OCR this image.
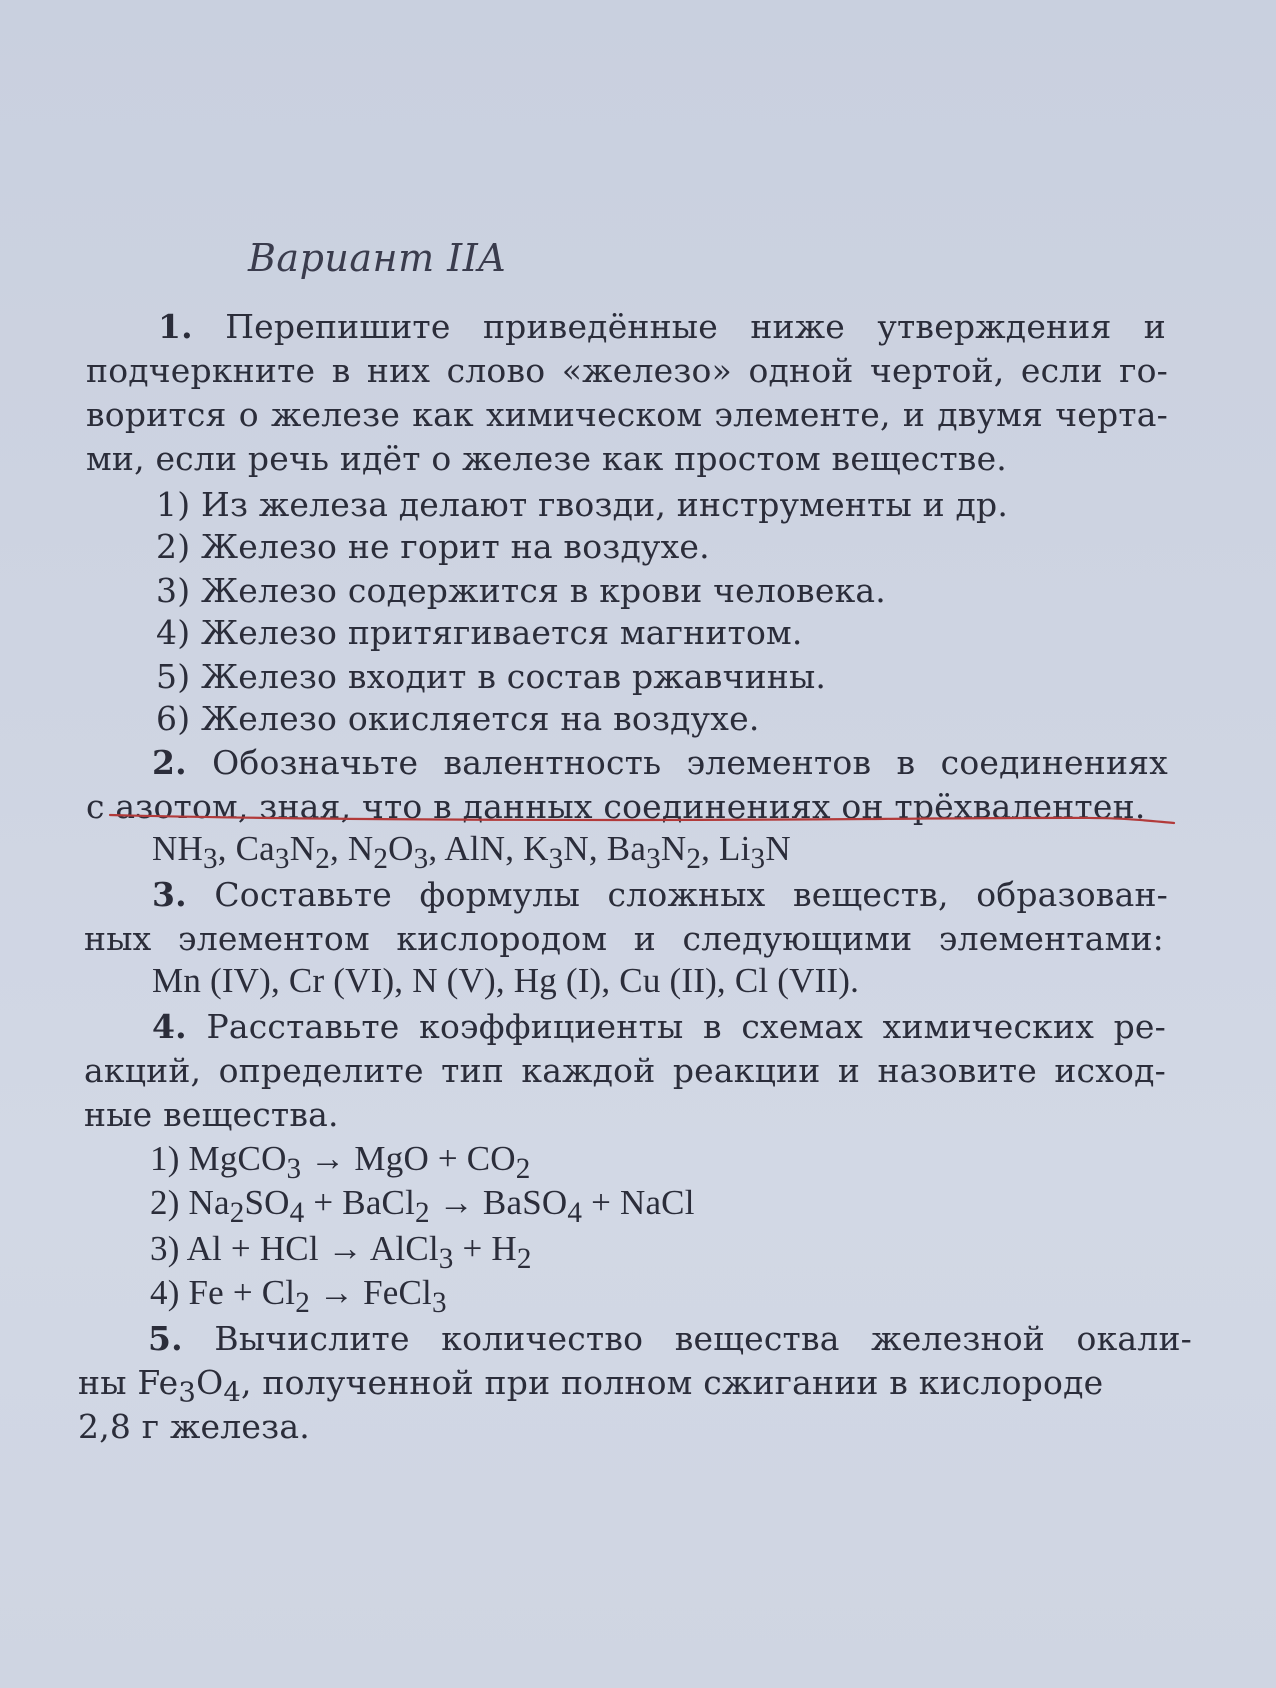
Вариант IIA
1. Перепишите приведённые ниже утверждения и
подчеркните в них слово «железо» одной чертой, если го-
ворится о железе как химическом элементе, и двумя черта-
ми, если речь идёт о железе как простом веществе.
1) Из железа делают гвозди, инструменты и др.
2) Железо не горит на воздухе.
3) Железо содержится в крови человека.
4) Железо притягивается магнитом.
5) Железо входит в состав ржавчины.
6) Железо окисляется на воздухе.
2. Обозначьте валентность элементов в соединениях
с азотом, зная, что в данных соединениях он трёхвалентен.
$NH_3$, $Ca_3N_2$, $N_2O_3$, AlN, $K_3N$, $Ba_3N_2$, $Li_3N$
3. Составьте формулы сложных веществ, образован-
ных элементом кислородом и следующими элементами:
Mn (IV), Cr (VI), N (V), Hg (I), Cu (II), Cl (VII).
4. Расставьте коэффициенты в схемах химических ре-
акций, определите тип каждой реакции и назовите исход-
ные вещества.
1) MgCO$_3$ → MgO + $CO_2$
2) $Na_2SO_4$ + BaCl$_2$ → BaSO$_4$ + NaCl
3) Al + HCl → AlCl$_3$ + $H_2$
4) $Fe + Cl_2$ → FeCl$_3$
5. Вычислите количество вещества железной окали-
ны $Fe_3O_4$, полученной при полном сжигании в кислороде
2,8 г железа.
